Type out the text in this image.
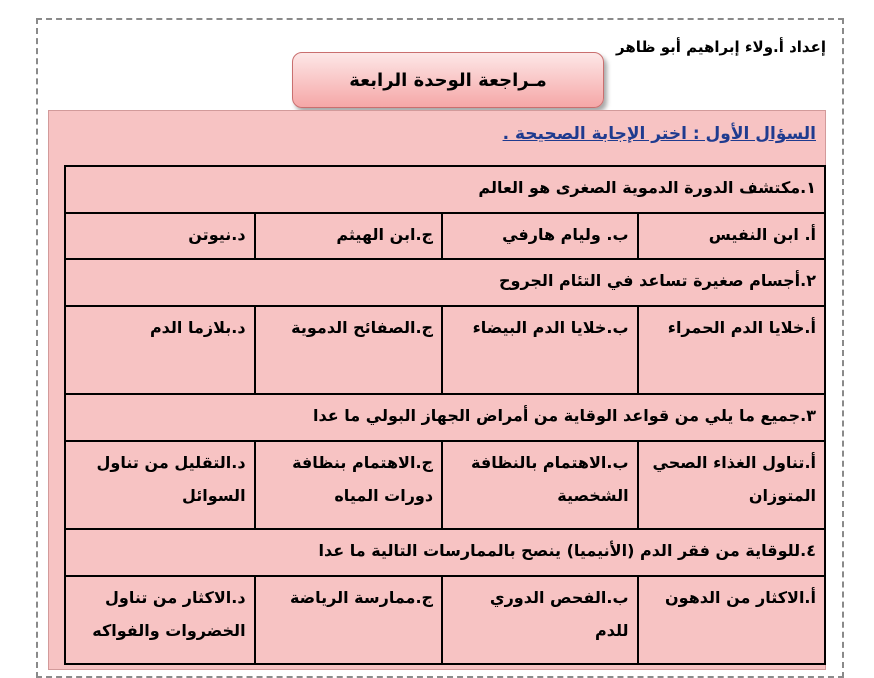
إعداد أ.ولاء إبراهيم أبو ظاهر
مـراجعة الوحدة الرابعة
السؤال الأول : اختر الإجابة الصحيحة .
١.مكتشف الدورة الدموية الصغرى هو العالم			
أ. ابن النفيس	ب. وليام هارفي	ج.ابن الهيثم	د.نيوتن
٢.أجسام صغيرة تساعد في التئام الجروح			
أ.خلايا الدم الحمراء	ب.خلايا الدم البيضاء	ج.الصفائح الدموية	د.بلازما الدم
٣.جميع ما يلي من قواعد الوقاية من أمراض الجهاز البولي ما عدا			
أ.تناول الغذاء الصحي المتوزان	ب.الاهتمام بالنظافة الشخصية	ج.الاهتمام بنظافة دورات المياه	د.التقليل من تناول السوائل
٤.للوقاية من فقر الدم (الأنيميا) ينصح بالممارسات التالية ما عدا			
أ.الاكثار من الدهون	ب.الفحص الدوري للدم	ج.ممارسة الرياضة	د.الاكثار من تناول الخضروات والفواكه
